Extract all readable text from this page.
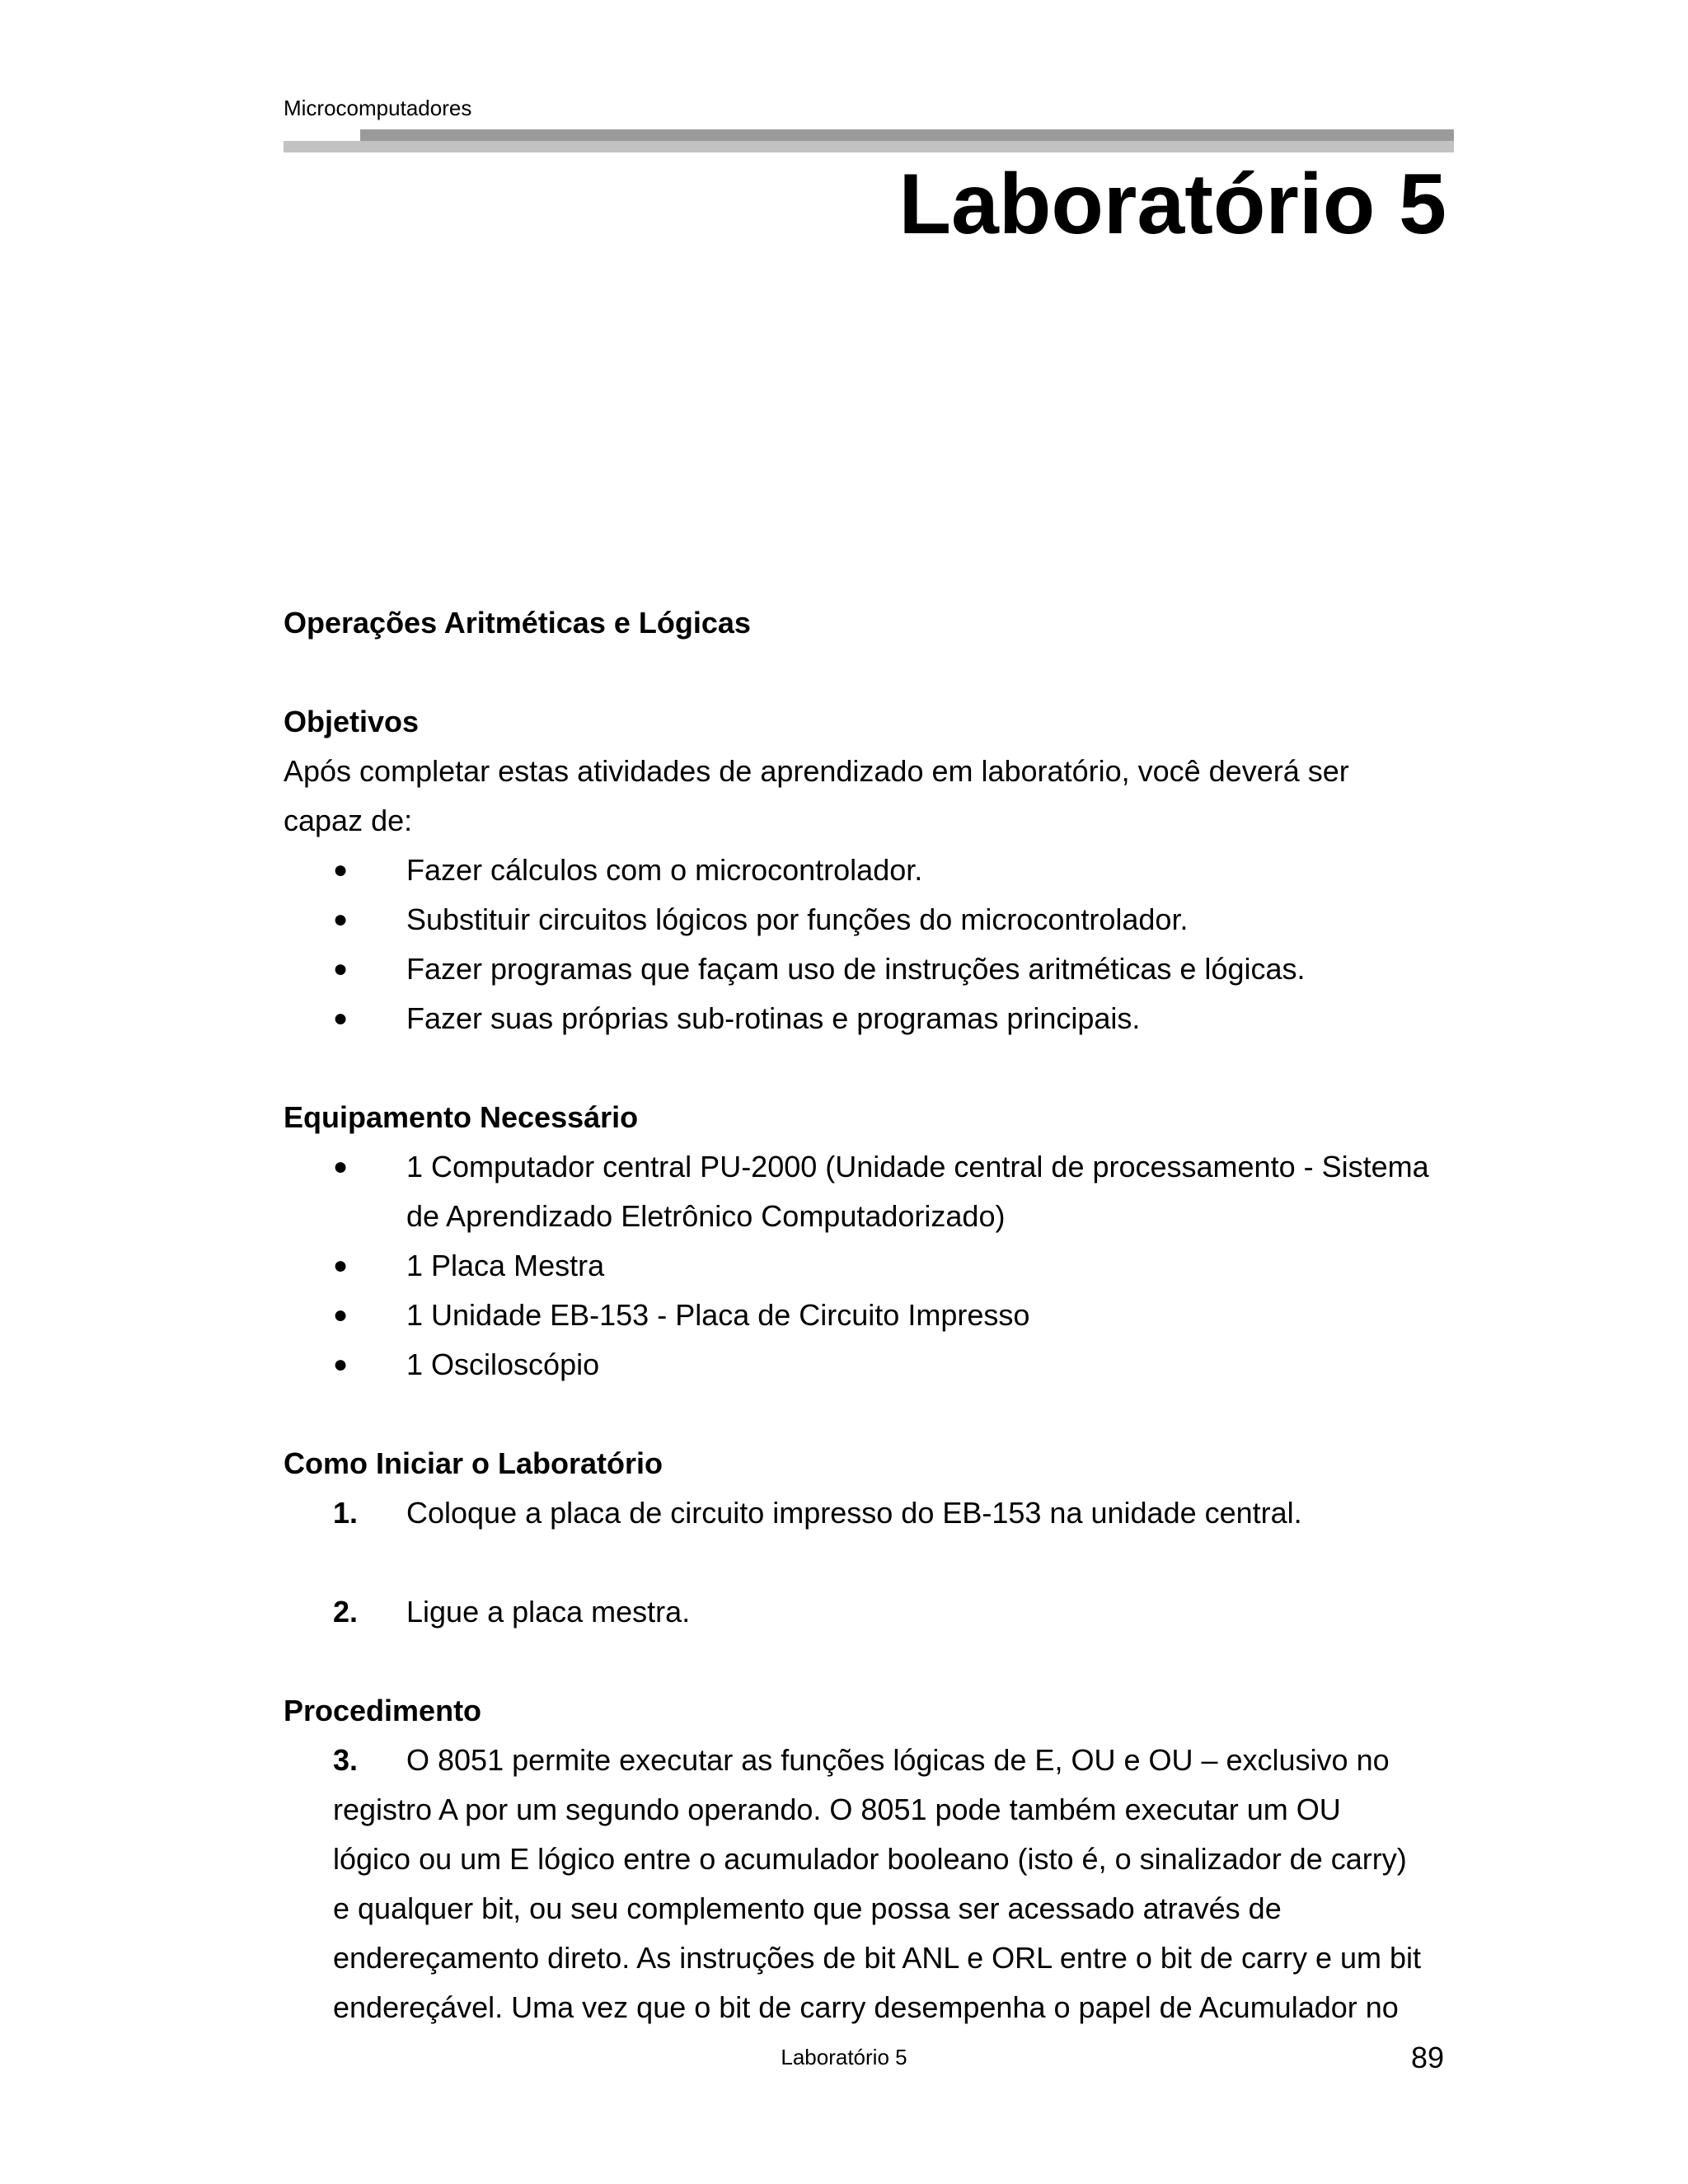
Microcomputadores
Laboratório 5

Operações Aritméticas e Lógicas

Objetivos

Após completar estas atividades de aprendizado em laboratório, você deverá ser

capaz de:

● Fazer cálculos com o microcontrolador.
● Substituir circuitos lógicos por funções do microcontrolador.
● Fazer programas que façam uso de instruções aritméticas e lógicas.
● Fazer suas próprias sub-rotinas e programas principais.

Equipamento Necessário

● 1 Computador central PU-2000 (Unidade central de processamento - Sistema
de Aprendizado Eletrônico Computadorizado)
● 1 Placa Mestra
● 1 Unidade EB-153 - Placa de Circuito Impresso
● 1 Osciloscópio

Como Iniciar o Laboratório

1. Coloque a placa de circuito impresso do EB-153 na unidade central.
2. Ligue a placa mestra.

Procedimento

3. O 8051 permite executar as funções lógicas de E, OU e OU – exclusivo no
registro A por um segundo operando. O 8051 pode também executar um OU
lógico ou um E lógico entre o acumulador booleano (isto é, o sinalizador de carry)
e qualquer bit, ou seu complemento que possa ser acessado através de
endereçamento direto. As instruções de bit ANL e ORL entre o bit de carry e um bit
endereçável. Uma vez que o bit de carry desempenha o papel de Acumulador no
Laboratório 5	89
